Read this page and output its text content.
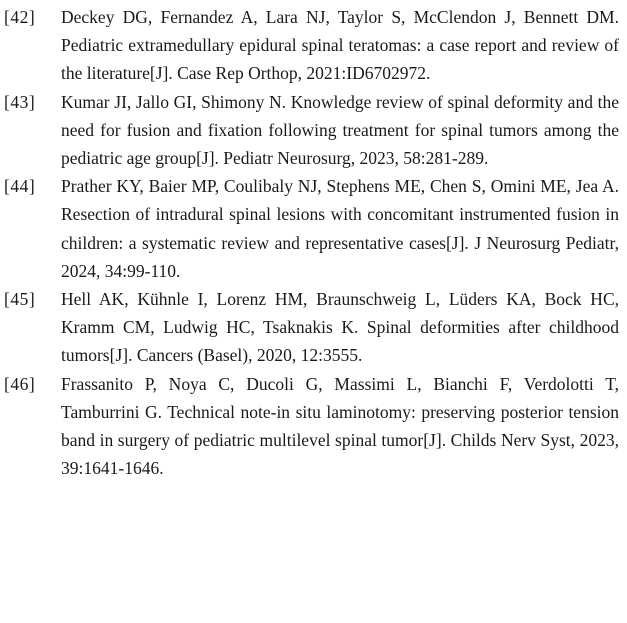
[42] Deckey DG, Fernandez A, Lara NJ, Taylor S, McClendon J, Bennett DM. Pediatric extramedullary epidural spinal teratomas: a case report and review of the literature[J]. Case Rep Orthop, 2021:ID6702972.
[43] Kumar JI, Jallo GI, Shimony N. Knowledge review of spinal deformity and the need for fusion and fixation following treatment for spinal tumors among the pediatric age group[J]. Pediatr Neurosurg, 2023, 58:281-289.
[44] Prather KY, Baier MP, Coulibaly NJ, Stephens ME, Chen S, Omini ME, Jea A. Resection of intradural spinal lesions with concomitant instrumented fusion in children: a systematic review and representative cases[J]. J Neurosurg Pediatr, 2024, 34:99-110.
[45] Hell AK, Kühnle I, Lorenz HM, Braunschweig L, Lüders KA, Bock HC, Kramm CM, Ludwig HC, Tsaknakis K. Spinal deformities after childhood tumors[J]. Cancers (Basel), 2020, 12:3555.
[46] Frassanito P, Noya C, Ducoli G, Massimi L, Bianchi F, Verdolotti T, Tamburrini G. Technical note-in situ laminotomy: preserving posterior tension band in surgery of pediatric multilevel spinal tumor[J]. Childs Nerv Syst, 2023, 39:1641-1646.
